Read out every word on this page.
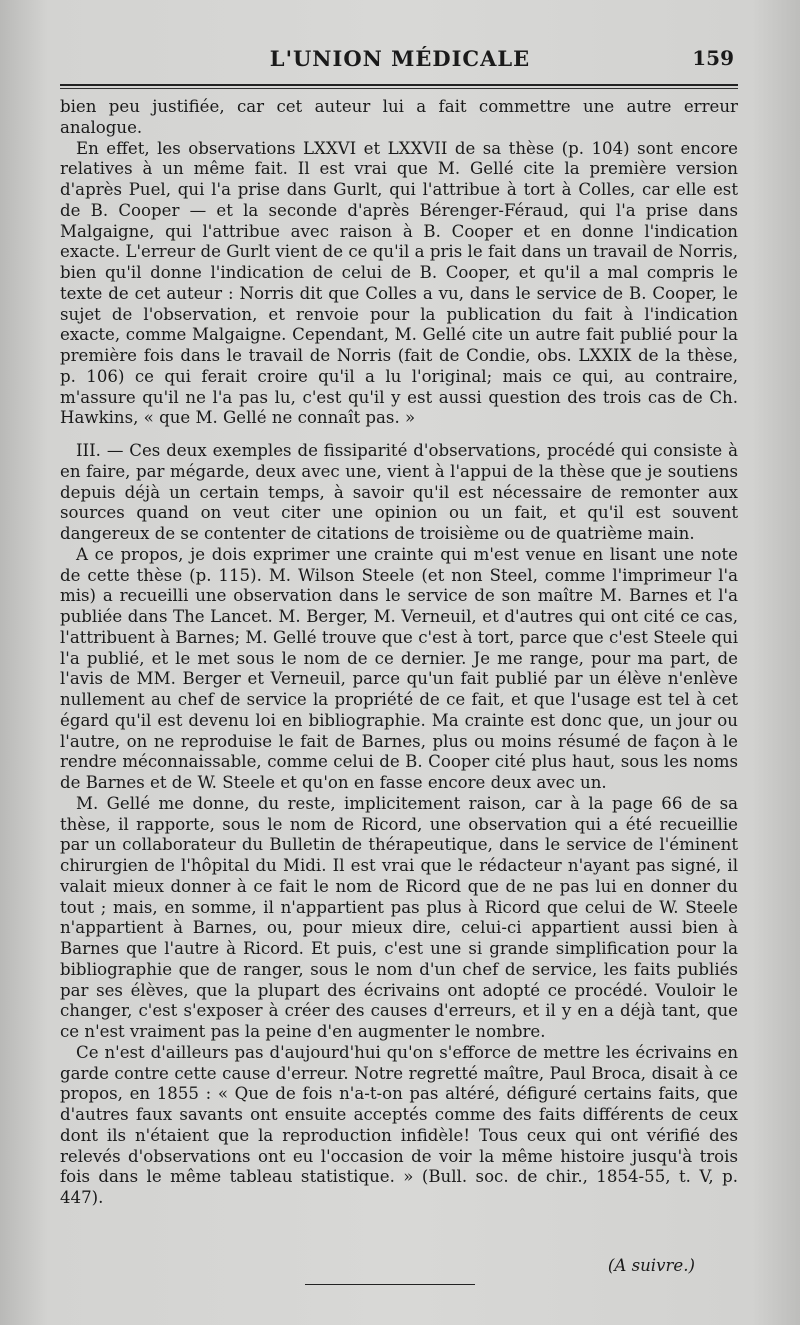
L'UNION MÉDICALE	159

bien peu justifiée, car cet auteur lui a fait commettre une autre erreur analogue.

En effet, les observations LXXVI et LXXVII de sa thèse (p. 104) sont encore relatives à un même fait. Il est vrai que M. Gellé cite la première version d'après Puel, qui l'a prise dans Gurlt, qui l'attribue à tort à Colles, car elle est de B. Cooper — et la seconde d'après Bérenger-Féraud, qui l'a prise dans Malgaigne, qui l'attribue avec raison à B. Cooper et en donne l'indication exacte. L'erreur de Gurlt vient de ce qu'il a pris le fait dans un travail de Norris, bien qu'il donne l'indication de celui de B. Cooper, et qu'il a mal compris le texte de cet auteur : Norris dit que Colles a vu, dans le service de B. Cooper, le sujet de l'observation, et renvoie pour la publication du fait à l'indication exacte, comme Malgaigne. Cependant, M. Gellé cite un autre fait publié pour la première fois dans le travail de Norris (fait de Condie, obs. LXXIX de la thèse, p. 106) ce qui ferait croire qu'il a lu l'original; mais ce qui, au contraire, m'assure qu'il ne l'a pas lu, c'est qu'il y est aussi question des trois cas de Ch. Hawkins, « que M. Gellé ne connaît pas. »

III. — Ces deux exemples de fissiparité d'observations, procédé qui consiste à en faire, par mégarde, deux avec une, vient à l'appui de la thèse que je soutiens depuis déjà un certain temps, à savoir qu'il est nécessaire de remonter aux sources quand on veut citer une opinion ou un fait, et qu'il est souvent dangereux de se contenter de citations de troisième ou de quatrième main.

A ce propos, je dois exprimer une crainte qui m'est venue en lisant une note de cette thèse (p. 115). M. Wilson Steele (et non Steel, comme l'imprimeur l'a mis) a recueilli une observation dans le service de son maître M. Barnes et l'a publiée dans The Lancet. M. Berger, M. Verneuil, et d'autres qui ont cité ce cas, l'attribuent à Barnes; M. Gellé trouve que c'est à tort, parce que c'est Steele qui l'a publié, et le met sous le nom de ce dernier. Je me range, pour ma part, de l'avis de MM. Berger et Verneuil, parce qu'un fait publié par un élève n'enlève nullement au chef de service la propriété de ce fait, et que l'usage est tel à cet égard qu'il est devenu loi en bibliographie. Ma crainte est donc que, un jour ou l'autre, on ne reproduise le fait de Barnes, plus ou moins résumé de façon à le rendre méconnaissable, comme celui de B. Cooper cité plus haut, sous les noms de Barnes et de W. Steele et qu'on en fasse encore deux avec un.

M. Gellé me donne, du reste, implicitement raison, car à la page 66 de sa thèse, il rapporte, sous le nom de Ricord, une observation qui a été recueillie par un collaborateur du Bulletin de thérapeutique, dans le service de l'éminent chirurgien de l'hôpital du Midi. Il est vrai que le rédacteur n'ayant pas signé, il valait mieux donner à ce fait le nom de Ricord que de ne pas lui en donner du tout ; mais, en somme, il n'appartient pas plus à Ricord que celui de W. Steele n'appartient à Barnes, ou, pour mieux dire, celui-ci appartient aussi bien à Barnes que l'autre à Ricord. Et puis, c'est une si grande simplification pour la bibliographie que de ranger, sous le nom d'un chef de service, les faits publiés par ses élèves, que la plupart des écrivains ont adopté ce procédé. Vouloir le changer, c'est s'exposer à créer des causes d'erreurs, et il y en a déjà tant, que ce n'est vraiment pas la peine d'en augmenter le nombre.

Ce n'est d'ailleurs pas d'aujourd'hui qu'on s'efforce de mettre les écrivains en garde contre cette cause d'erreur. Notre regretté maître, Paul Broca, disait à ce propos, en 1855 : « Que de fois n'a-t-on pas altéré, défiguré certains faits, que d'autres faux savants ont ensuite acceptés comme des faits différents de ceux dont ils n'étaient que la reproduction infidèle! Tous ceux qui ont vérifié des relevés d'observations ont eu l'occasion de voir la même histoire jusqu'à trois fois dans le même tableau statistique. » (Bull. soc. de chir., 1854-55, t. V, p. 447).

(A suivre.)
